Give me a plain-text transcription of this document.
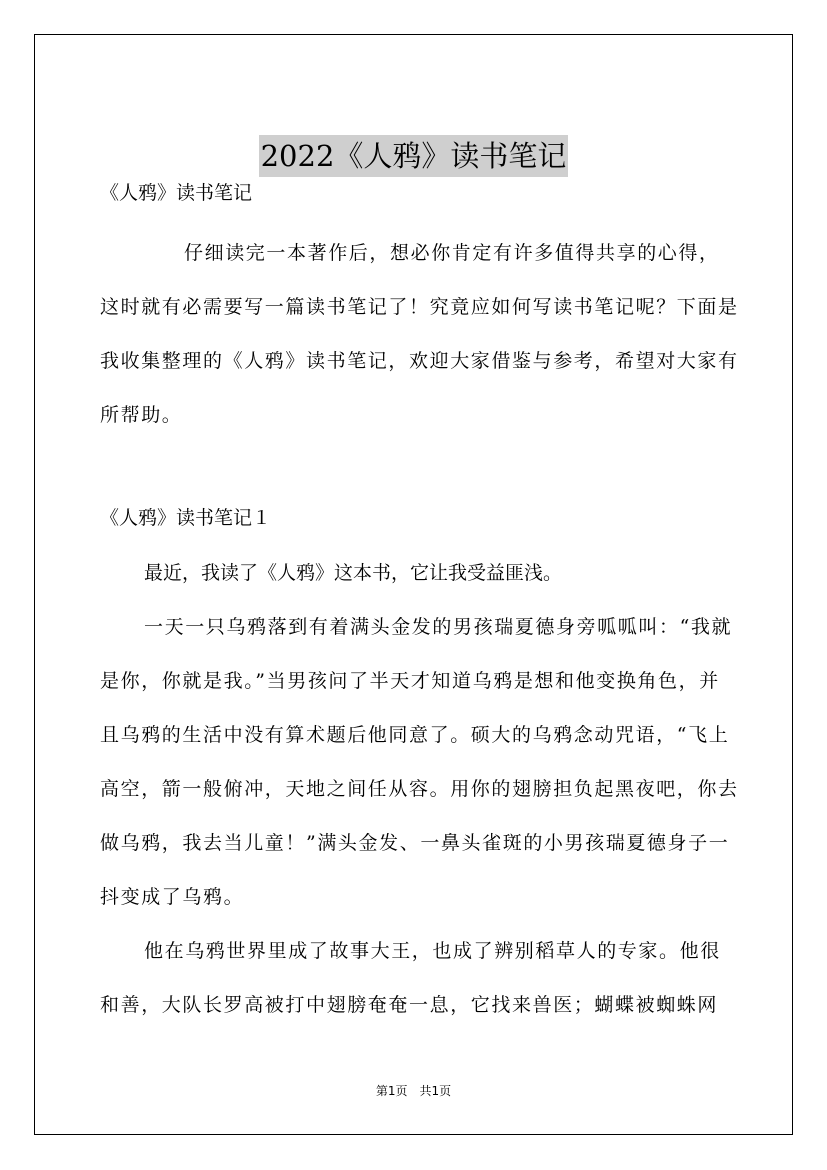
2022《人鸦》读书笔记

《人鸦》读书笔记

仔细读完一本著作后，想必你肯定有许多值得共享的心得，这时就有必需要写一篇读书笔记了！究竟应如何写读书笔记呢？下面是我收集整理的《人鸦》读书笔记，欢迎大家借鉴与参考，希望对大家有所帮助。

《人鸦》读书笔记１

最近，我读了《人鸦》这本书，它让我受益匪浅。

一天一只乌鸦落到有着满头金发的男孩瑞夏德身旁呱呱叫：“我就是你，你就是我。”当男孩问了半天才知道乌鸦是想和他变换角色，并且乌鸦的生活中没有算术题后他同意了。硕大的乌鸦念动咒语，“飞上高空，箭一般俯冲，天地之间任从容。用你的翅膀担负起黑夜吧，你去 做乌鸦，我去当儿童！”满头金发、一鼻头雀斑的小男孩瑞夏德身子一抖变成了乌鸦。

他在乌鸦世界里成了故事大王，也成了辨别稻草人的专家。他很和善，大队长罗高被打中翅膀奄奄一息，它找来兽医；蝴蝶被蜘蛛网

第1页　共1页
